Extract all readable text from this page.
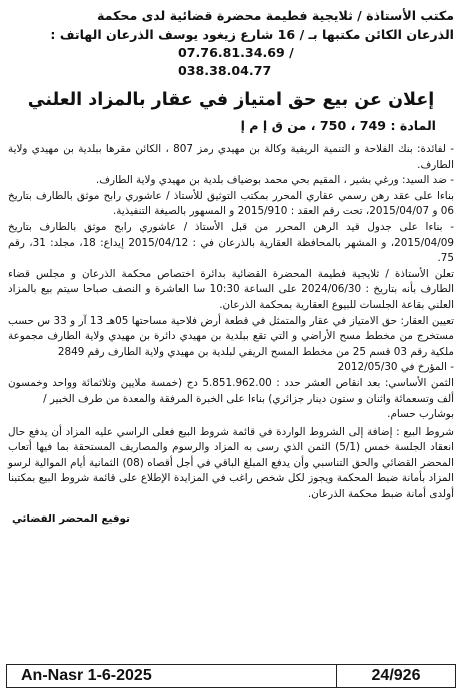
مكتب الأستاذة / ثلايجية فطيمة محضرة قضائية لدى محكمة

الذرعان الكائن مكتبها بـ / 16 شارع زيغود يوسف الذرعان الهاتف :

07.76.81.34.69 /
038.38.04.77
إعلان عن بيع حق امتياز في عقار بالمزاد العلني
المادة : 749 ، 750 ، من ق إ م إ

- لفائدة: بنك الفلاحة و التنمية الريفية وكالة بن مهيدي رمز 807 ، الكائن مقرها ببلدية بن مهيدي ولاية الطارف.

- ضد السيد: ورغي بشير ، المقيم بحي محمد بوضياف بلدية بن مهيدي ولاية الطارف.

بناءا على عقد رهن رسمي عقاري المحرر بمكتب التوثيق للأستاذ / عاشوري رابح موثق بالطارف بتاريخ 06 و 2015/04/07، تحت رقم العقد : 2015/910 و المسهور بالصيغة التنفيذية.

- بناءا على جدول قيد الرهن المحرر من قبل الأستاذ / عاشوري رابح موثق بالطارف بتاريخ 2015/04/09، و المشهر بالمحافظة العقارية بالذرعان في : 2015/04/12 إيداع: 18، مجلد: 31، رقم 75.

تعلن الأستاذة / ثلايجية فطيمة المحضرة القضائية بدائرة اختصاص محكمة الذرعان و مجلس قضاء الطارف بأنه بتاريخ : 2024/06/30 على الساعة 10:30 سا العاشرة و النصف صباحا سيتم بيع بالمزاد العلني بقاعة الجلسات للبيوع العقارية بمحكمة الذرعان.

تعيين العقار: حق الامتياز في عقار والمتمثل في قطعة أرض فلاحية مساحتها 05هـ 13 آر و 33 س حسب مستخرج من مخطط مسح الأراضي و التي تقع ببلدية بن مهيدي دائرة بن مهيدي ولاية الطارف مجموعة ملكية رقم 03 قسم 25 من مخطط المسح الريفي لبلدية بن مهيدي ولاية الطارف رقم 2849

- المؤرخ في 2012/05/30

الثمن الأساسي: بعد انقاص العشر حدد : 5.851.962.00 دج (خمسة ملايين وثلاثمائة وواحد وخمسون ألف وتسعمائة واثنان و ستون دينار جزائري) بناءا على الخبرة المرفقة والمعدة من طرف الخبير /

بوشارب حسام.

شروط البيع : إضافة إلى الشروط الواردة في قائمة شروط البيع فعلى الراسي عليه المزاد أن يدفع حال انعقاد الجلسة خمس (5/1) الثمن الذي رسى به المزاد والرسوم والمصاريف المستحقة بما فيها أتعاب المحضر القضائي والحق التناسبي وأن يدفع المبلغ الباقي في أجل أقصاه (08) الثمانية أيام الموالية لرسو المزاد بأمانة ضبط المحكمة ويجوز لكل شخص راغب في المزايدة الإطلاع على قائمة شروط البيع بمكتبنا أولدى أمانة ضبط محكمة الذرعان.

توقيع المحضر القضائي
An-Nasr 1-6-2025	24/926
